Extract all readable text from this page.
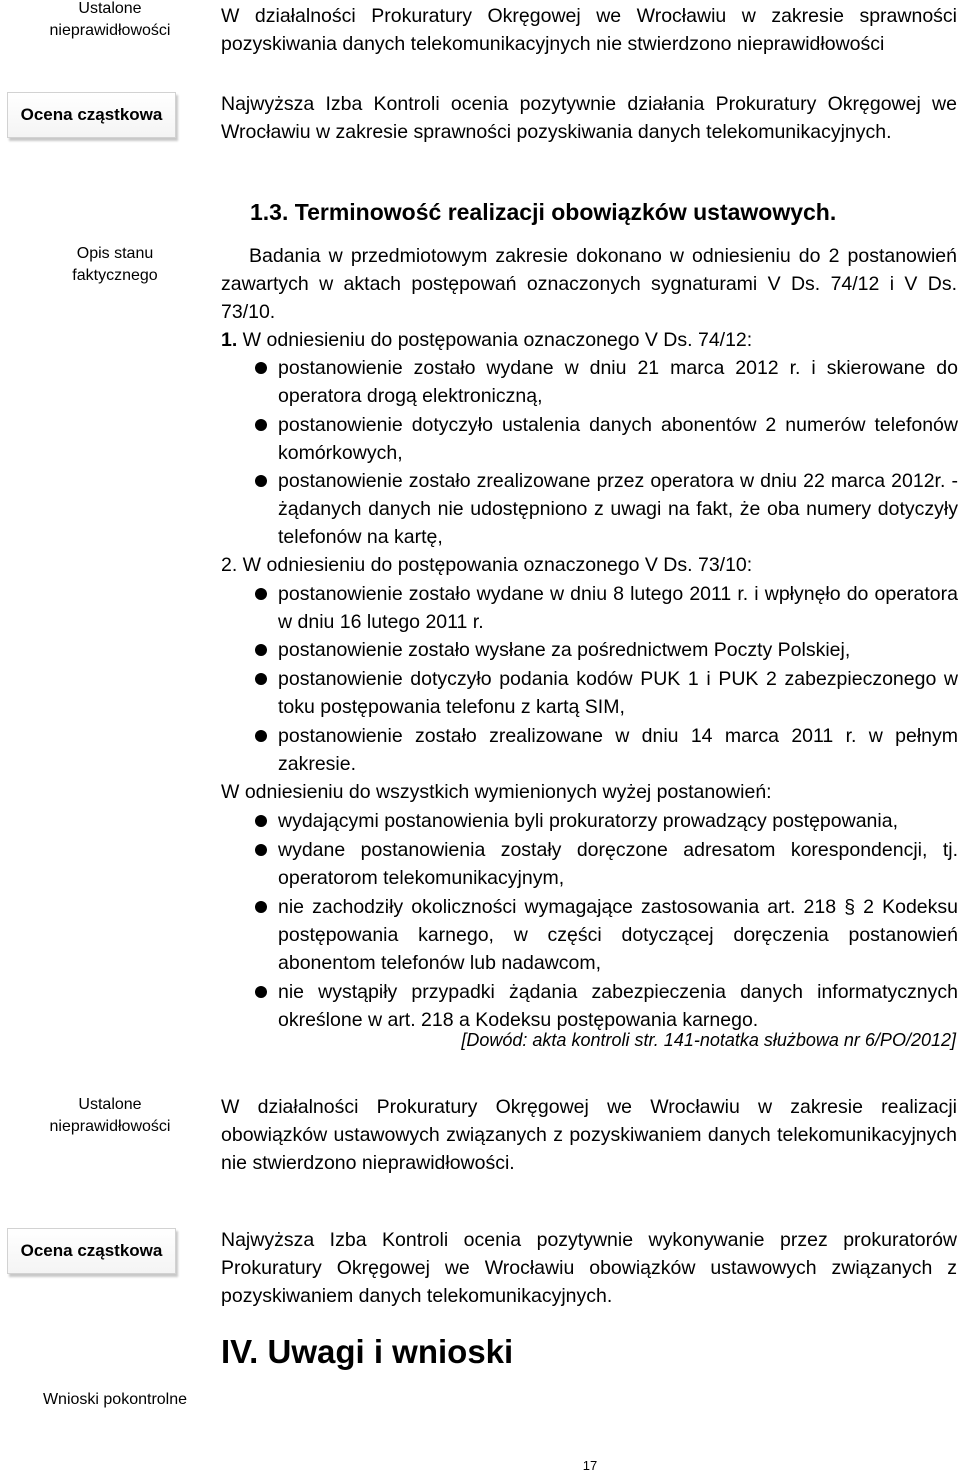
Ustalone
nieprawidłowości
W działalności Prokuratury Okręgowej we Wrocławiu w zakresie sprawności pozyskiwania danych telekomunikacyjnych nie stwierdzono nieprawidłowości
Ocena cząstkowa	Najwyższa Izba Kontroli ocenia pozytywnie działania Prokuratury Okręgowej we Wrocławiu w zakresie sprawności pozyskiwania danych telekomunikacyjnych.
Opis stanu
faktycznego
1.3. Terminowość realizacji obowiązków ustawowych.
Badania w przedmiotowym zakresie dokonano w odniesieniu do 2 postanowień zawartych w aktach postępowań oznaczonych sygnaturami V Ds. 74/12 i V Ds. 73/10.
1. W odniesieniu do postępowania oznaczonego V Ds. 74/12:
postanowienie zostało wydane w dniu 21 marca 2012 r. i skierowane do operatora drogą elektroniczną,
postanowienie dotyczyło ustalenia danych abonentów 2 numerów telefonów komórkowych,
postanowienie zostało zrealizowane przez operatora w dniu 22 marca 2012r. - żądanych danych nie udostępniono z uwagi na fakt, że oba numery dotyczyły telefonów na kartę,
2. W odniesieniu do postępowania oznaczonego V Ds. 73/10:
postanowienie zostało wydane w dniu 8 lutego 2011 r. i wpłynęło do operatora w dniu 16 lutego 2011 r.
postanowienie zostało wysłane za pośrednictwem Poczty Polskiej,
postanowienie dotyczyło podania kodów PUK 1 i PUK 2 zabezpieczonego w toku postępowania telefonu z kartą SIM,
postanowienie zostało zrealizowane w dniu 14 marca 2011 r. w pełnym zakresie.
W odniesieniu do wszystkich wymienionych wyżej postanowień:
wydającymi postanowienia byli prokuratorzy prowadzący postępowania,
wydane postanowienia zostały doręczone adresatom korespondencji, tj. operatorom telekomunikacyjnym,
nie zachodziły okoliczności wymagające zastosowania art. 218 § 2 Kodeksu postępowania karnego, w części dotyczącej doręczenia postanowień abonentom telefonów lub nadawcom,
nie wystąpiły przypadki żądania zabezpieczenia danych informatycznych określone w art. 218 a Kodeksu postępowania karnego.
[Dowód: akta kontroli str. 141-notatka służbowa nr 6/PO/2012]
Ustalone
nieprawidłowości
W działalności Prokuratury Okręgowej we Wrocławiu w zakresie realizacji obowiązków ustawowych związanych z pozyskiwaniem danych telekomunikacyjnych nie stwierdzono nieprawidłowości.
Ocena cząstkowa	Najwyższa Izba Kontroli ocenia pozytywnie wykonywanie przez prokuratorów Prokuratury Okręgowej we Wrocławiu obowiązków ustawowych związanych z pozyskiwaniem danych telekomunikacyjnych.
IV. Uwagi i wnioski
Wnioski pokontrolne
17
